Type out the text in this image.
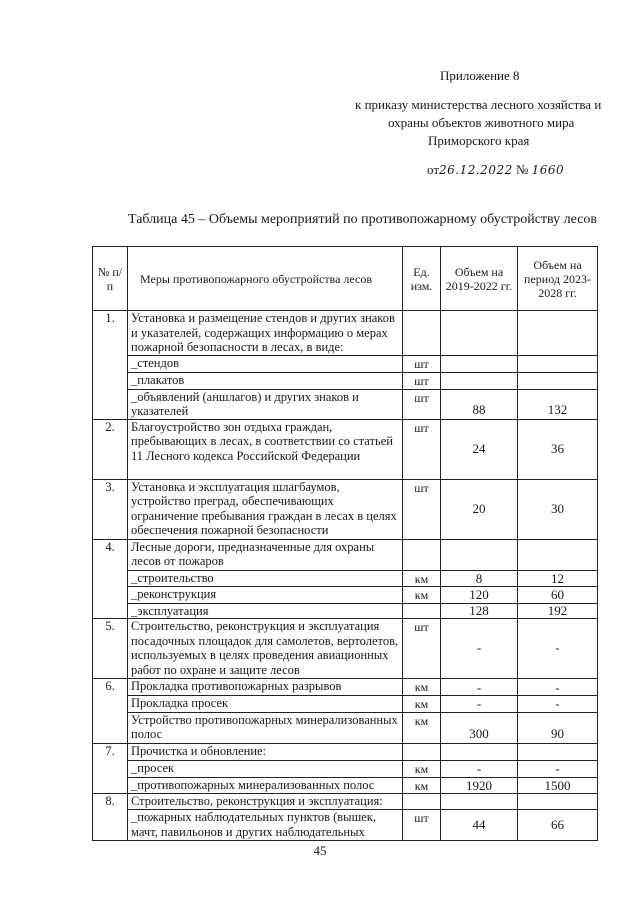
Приложение 8
к приказу министерства лесного хозяйства и
охраны объектов животного мира
Приморского края
от26.12.2022 № 1660
Таблица 45 – Объемы мероприятий по противопожарному обустройству лесов
№ п/п	Меры противопожарного обустройства лесов	Ед. изм.	Объем на 2019-2022 гг.	Объем на период 2023-2028 гг.
1.	Установка и размещение стендов и других знаков и указателей, содержащих информацию о мерах пожарной безопасности в лесах, в виде:			
	_стендов	шт		
	_плакатов	шт		
	_объявлений (аншлагов) и других знаков и указателей	шт	88	132
2.	Благоустройство зон отдыха граждан, пребывающих в лесах, в соответствии со статьей 11 Лесного кодекса Российской Федерации	шт	24	36
3.	Установка и эксплуатация шлагбаумов, устройство преград, обеспечивающих ограничение пребывания граждан в лесах в целях обеспечения пожарной безопасности	шт	20	30
4.	Лесные дороги, предназначенные для охраны лесов от пожаров			
	_строительство	км	8	12
	_реконструкция	км	120	60
	_эксплуатация		128	192
5.	Строительство, реконструкция и эксплуатация посадочных площадок для самолетов, вертолетов, используемых в целях проведения авиационных работ по охране и защите лесов	шт	-	-
6.	Прокладка противопожарных разрывов	км	-	-
	Прокладка просек	км	-	-
	Устройство противопожарных минерализованных полос	км	300	90
7.	Прочистка и обновление:			
	_просек	км	-	-
	_противопожарных минерализованных полос	км	1920	1500
8.	Строительство, реконструкция и эксплуатация:			
	_пожарных наблюдательных пунктов (вышек, мачт, павильонов и других наблюдательных	шт	44	66
45
